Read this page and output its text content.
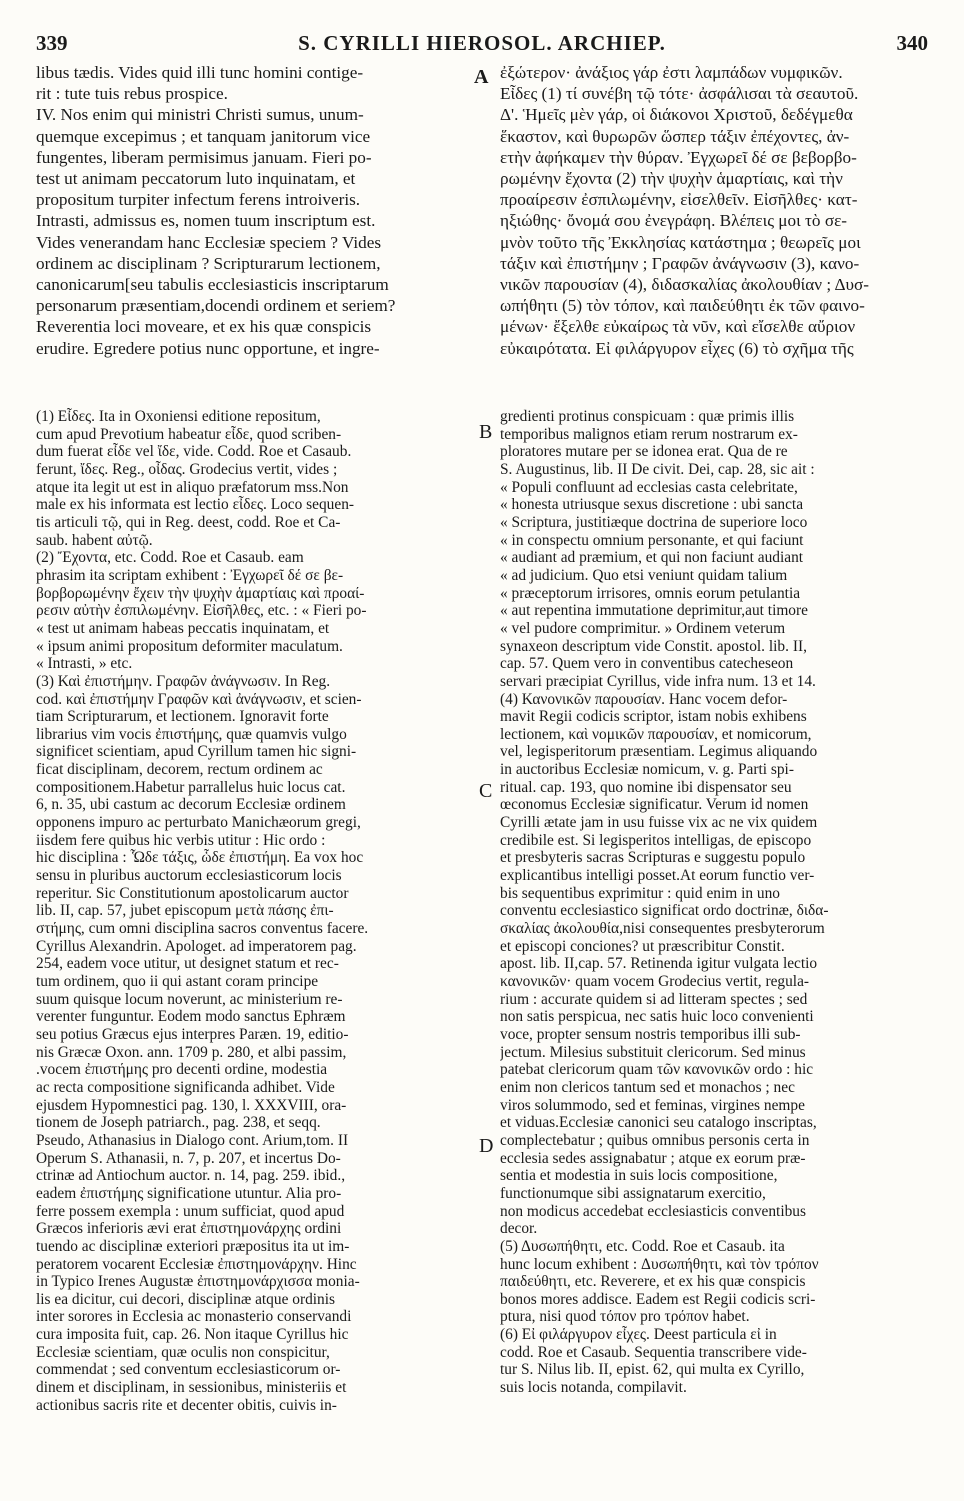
339	S. CYRILLI HIEROSOL. ARCHIEP.	340
libus tædis. Vides quid illi tunc homini contige-
rit : tute tuis rebus prospice.
IV. Nos enim qui ministri Christi sumus, unum-
quemque excepimus ; et tanquam janitorum vice
fungentes, liberam permisimus januam. Fieri po-
test ut animam peccatorum luto inquinatam, et
propositum turpiter infectum ferens introiveris.
Intrasti, admissus es, nomen tuum inscriptum est.
Vides venerandam hanc Ecclesiæ speciem ? Vides
ordinem ac disciplinam ? Scripturarum lectionem,
canonicarum[seu tabulis ecclesiasticis inscriptarum
personarum præsentiam,docendi ordinem et seriem?
Reverentia loci moveare, et ex his quæ conspicis
erudire. Egredere potius nunc opportune, et ingre-
ἐξώτερον· ἀνάξιος γάρ ἐστι λαμπάδων νυμφικῶν.
Εἶδες (1) τί συνέβη τῷ τότε· ἀσφάλισαι τὰ σεαυτοῦ.
Δ'. Ἡμεῖς μὲν γάρ, οἱ διάκονοι Χριστοῦ, δεδέγμεθα
ἕκαστον, καὶ θυρωρῶν ὥσπερ τάξιν ἐπέχοντες, ἀν-
ετὴν ἀφήκαμεν τὴν θύραν. Ἐγχωρεῖ δέ σε βεβορβο-
ρωμένην ἔχοντα (2) τὴν ψυχὴν ἁμαρτίαις, καὶ τὴν
προαίρεσιν ἐσπιλωμένην, εἰσελθεῖν. Εἰσῆλθες· κατ-
ηξιώθης· ὄνομά σου ἐνεγράφη. Βλέπεις μοι τὸ σε-
μνὸν τοῦτο τῆς Ἐκκλησίας κατάστημα ; θεωρεῖς μοι
τάξιν καὶ ἐπιστήμην ; Γραφῶν ἀνάγνωσιν (3), κανο-
νικῶν παρουσίαν (4), διδασκαλίας ἀκολουθίαν ; Δυσ-
ωπήθητι (5) τὸν τόπον, καὶ παιδεύθητι ἐκ τῶν φαινο-
μένων· ἔξελθε εὐκαίρως τὰ νῦν, καὶ εἴσελθε αὔριον
εὐκαιρότατα. Εἰ φιλάργυρον εἶχες (6) τὸ σχῆμα τῆς
A
B
C
D
(1) Εἶδες. Ita in Oxoniensi editione repositum,
cum apud Prevotium habeatur εἶδε, quod scriben-
dum fuerat εἶδε vel ἴδε, vide. Codd. Roe et Casaub.
ferunt, ἴδες. Reg., οἶδας. Grodecius vertit, vides ;
atque ita legit ut est in aliquo præfatorum mss.Non
male ex his informata est lectio εἶδες. Loco sequen-
tis articuli τῷ, qui in Reg. deest, codd. Roe et Ca-
saub. habent αὐτῷ.
(2) Ἔχοντα, etc. Codd. Roe et Casaub. eam
phrasim ita scriptam exhibent : Ἐγχωρεῖ δέ σε βε-
βορβορωμένην ἔχειν τὴν ψυχὴν ἁμαρτίαις καὶ προαί-
ρεσιν αὐτὴν ἐσπιλωμένην. Εἰσῆλθες, etc. : « Fieri po-
« test ut animam habeas peccatis inquinatam, et
« ipsum animi propositum deformiter maculatum.
« Intrasti, » etc.
(3) Καὶ ἐπιστήμην. Γραφῶν ἀνάγνωσιν. In Reg.
cod. καὶ ἐπιστήμην Γραφῶν καὶ ἀνάγνωσιν, et scien-
tiam Scripturarum, et lectionem. Ignoravit forte
librarius vim vocis ἐπιστήμης, quæ quamvis vulgo
significet scientiam, apud Cyrillum tamen hic signi-
ficat disciplinam, decorem, rectum ordinem ac
compositionem.Habetur parrallelus huic locus cat.
6, n. 35, ubi castum ac decorum Ecclesiæ ordinem
opponens impuro ac perturbato Manichæorum gregi,
iisdem fere quibus hic verbis utitur : Hic ordo :
hic disciplina : Ὧδε τάξις, ὧδε ἐπιστήμη. Ea vox hoc
sensu in pluribus auctorum ecclesiasticorum locis
reperitur. Sic Constitutionum apostolicarum auctor
lib. II, cap. 57, jubet episcopum μετὰ πάσης ἐπι-
στήμης, cum omni disciplina sacros conventus facere.
Cyrillus Alexandrin. Apologet. ad imperatorem pag.
254, eadem voce utitur, ut designet statum et rec-
tum ordinem, quo ii qui astant coram principe
suum quisque locum noverunt, ac ministerium re-
verenter funguntur. Eodem modo sanctus Ephræm
seu potius Græcus ejus interpres Paræn. 19, editio-
nis Græcæ Oxon. ann. 1709 p. 280, et albi passim,
.vocem ἐπιστήμης pro decenti ordine, modestia
ac recta compositione significanda adhibet. Vide
ejusdem Hypomnestici pag. 130, l. XXXVIII, ora-
tionem de Joseph patriarch., pag. 238, et seqq.
Pseudo, Athanasius in Dialogo cont. Arium,tom. II
Operum S. Athanasii, n. 7, p. 207, et incertus Do-
ctrinæ ad Antiochum auctor. n. 14, pag. 259. ibid.,
eadem ἐπιστήμης significatione utuntur. Alia pro-
ferre possem exempla : unum sufficiat, quod apud
Græcos inferioris ævi erat ἐπιστημονάρχης ordini
tuendo ac disciplinæ exteriori præpositus ita ut im-
peratorem vocarent Ecclesiæ ἐπιστημονάρχην. Hinc
in Typico Irenes Augustæ ἐπιστημονάρχισσα monia-
lis ea dicitur, cui decori, disciplinæ atque ordinis
inter sorores in Ecclesia ac monasterio conservandi
cura imposita fuit, cap. 26. Non itaque Cyrillus hic
Ecclesiæ scientiam, quæ oculis non conspicitur,
commendat ; sed conventum ecclesiasticorum or-
dinem et disciplinam, in sessionibus, ministeriis et
actionibus sacris rite et decenter obitis, cuivis in-
gredienti protinus conspicuam : quæ primis illis
temporibus malignos etiam rerum nostrarum ex-
ploratores mutare per se idonea erat. Qua de re
S. Augustinus, lib. II De civit. Dei, cap. 28, sic ait :
« Populi confluunt ad ecclesias casta celebritate,
« honesta utriusque sexus discretione : ubi sancta
« Scriptura, justitiæque doctrina de superiore loco
« in conspectu omnium personante, et qui faciunt
« audiant ad præmium, et qui non faciunt audiant
« ad judicium. Quo etsi veniunt quidam talium
« præceptorum irrisores, omnis eorum petulantia
« aut repentina immutatione deprimitur,aut timore
« vel pudore comprimitur. » Ordinem veterum
synaxeon descriptum vide Constit. apostol. lib. II,
cap. 57. Quem vero in conventibus catecheseon
servari præcipiat Cyrillus, vide infra num. 13 et 14.
(4) Κανονικῶν παρουσίαν. Hanc vocem defor-
mavit Regii codicis scriptor, istam nobis exhibens
lectionem, καὶ νομικῶν παρουσίαν, et nomicorum,
vel, legisperitorum præsentiam. Legimus aliquando
in auctoribus Ecclesiæ nomicum, v. g. Parti spi-
ritual. cap. 193, quo nomine ibi dispensator seu
œconomus Ecclesiæ significatur. Verum id nomen
Cyrilli ætate jam in usu fuisse vix ac ne vix quidem
credibile est. Si legisperitos intelligas, de episcopo
et presbyteris sacras Scripturas e suggestu populo
explicantibus intelligi posset.At eorum functio ver-
bis sequentibus exprimitur : quid enim in uno
conventu ecclesiastico significat ordo doctrinæ, διδα-
σκαλίας ἀκολουθία,nisi consequentes presbyterorum
et episcopi conciones? ut præscribitur Constit.
apost. lib. II,cap. 57. Retinenda igitur vulgata lectio
κανονικῶν· quam vocem Grodecius vertit, regula-
rium : accurate quidem si ad litteram spectes ; sed
non satis perspicua, nec satis huic loco convenienti
voce, propter sensum nostris temporibus illi sub-
jectum. Milesius substituit clericorum. Sed minus
patebat clericorum quam τῶν κανονικῶν ordo : hic
enim non clericos tantum sed et monachos ; nec
viros solummodo, sed et feminas, virgines nempe
et viduas.Ecclesiæ canonici seu catalogo inscriptas,
complectebatur ; quibus omnibus personis certa in
ecclesia sedes assignabatur ; atque ex eorum præ-
sentia et modestia in suis locis compositione,
functionumque sibi assignatarum exercitio,
non modicus accedebat ecclesiasticis conventibus
decor.
(5) Δυσωπήθητι, etc. Codd. Roe et Casaub. ita
hunc locum exhibent : Δυσωπήθητι, καὶ τὸν τρόπον
παιδεύθητι, etc. Reverere, et ex his quæ conspicis
bonos mores addisce. Eadem est Regii codicis scri-
ptura, nisi quod τόπον pro τρόπον habet.
(6) Εἰ φιλάργυρον εἶχες. Deest particula εἰ in
codd. Roe et Casaub. Sequentia transcribere vide-
tur S. Nilus lib. II, epist. 62, qui multa ex Cyrillo,
suis locis notanda, compilavit.
